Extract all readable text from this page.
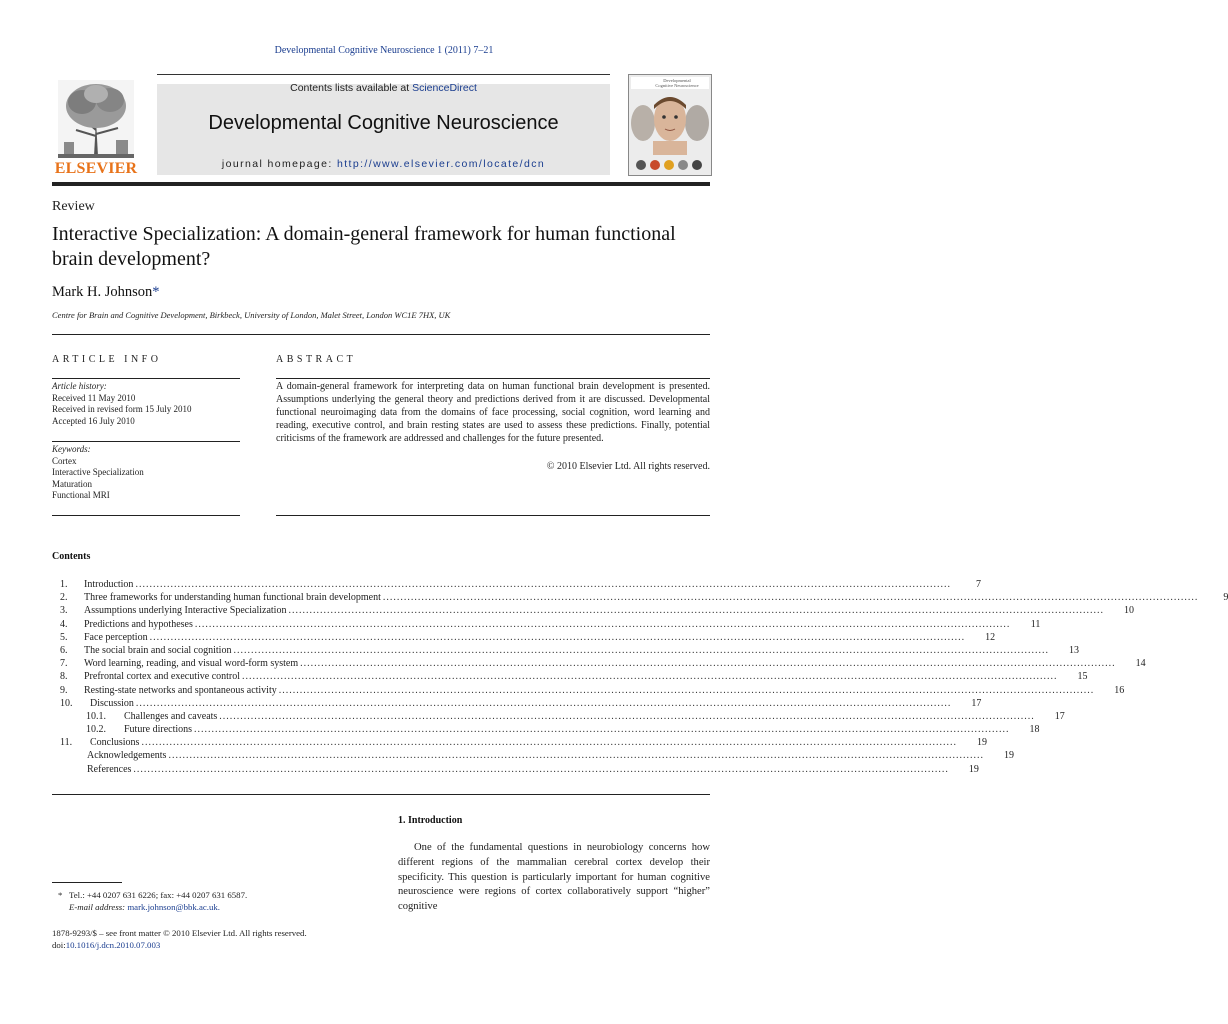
Developmental Cognitive Neuroscience 1 (2011) 7–21
ELSEVIER
Contents lists available at ScienceDirect
Developmental Cognitive Neuroscience
journal homepage: http://www.elsevier.com/locate/dcn
Developmental
Cognitive Neuroscience
Review
Interactive Specialization: A domain-general framework for human functional brain development?
Mark H. Johnson*
Centre for Brain and Cognitive Development, Birkbeck, University of London, Malet Street, London WC1E 7HX, UK
ARTICLE INFO
Article history:
Received 11 May 2010
Received in revised form 15 July 2010
Accepted 16 July 2010
Keywords:
Cortex
Interactive Specialization
Maturation
Functional MRI
ABSTRACT
A domain-general framework for interpreting data on human functional brain development is presented. Assumptions underlying the general theory and predictions derived from it are discussed. Developmental functional neuroimaging data from the domains of face processing, social cognition, word learning and reading, executive control, and brain resting states are used to assess these predictions. Finally, potential criticisms of the framework are addressed and challenges for the future presented.
© 2010 Elsevier Ltd. All rights reserved.
Contents
1.	Introduction .........................................................................................................................................................................................................................................	7
2.	Three frameworks for understanding human functional brain development .........................................................................................................................................................................................................................................	9
3.	Assumptions underlying Interactive Specialization .........................................................................................................................................................................................................................................	10
4.	Predictions and hypotheses .........................................................................................................................................................................................................................................	11
5.	Face perception .........................................................................................................................................................................................................................................	12
6.	The social brain and social cognition .........................................................................................................................................................................................................................................	13
7.	Word learning, reading, and visual word-form system .........................................................................................................................................................................................................................................	14
8.	Prefrontal cortex and executive control .........................................................................................................................................................................................................................................	15
9.	Resting-state networks and spontaneous activity .........................................................................................................................................................................................................................................	16
10.	Discussion .........................................................................................................................................................................................................................................	17
10.1.	Challenges and caveats .........................................................................................................................................................................................................................................	17
10.2.	Future directions .........................................................................................................................................................................................................................................	18
11.	Conclusions .........................................................................................................................................................................................................................................	19
Acknowledgements .........................................................................................................................................................................................................................................	19
References .........................................................................................................................................................................................................................................	19
1. Introduction
One of the fundamental questions in neurobiology concerns how different regions of the mammalian cerebral cortex develop their specificity. This question is particularly important for human cognitive neuroscience were regions of cortex collaboratively support “higher” cognitive
* Tel.: +44 0207 631 6226; fax: +44 0207 631 6587.
E-mail address: mark.johnson@bbk.ac.uk.
1878-9293/$ – see front matter © 2010 Elsevier Ltd. All rights reserved.
doi:10.1016/j.dcn.2010.07.003
